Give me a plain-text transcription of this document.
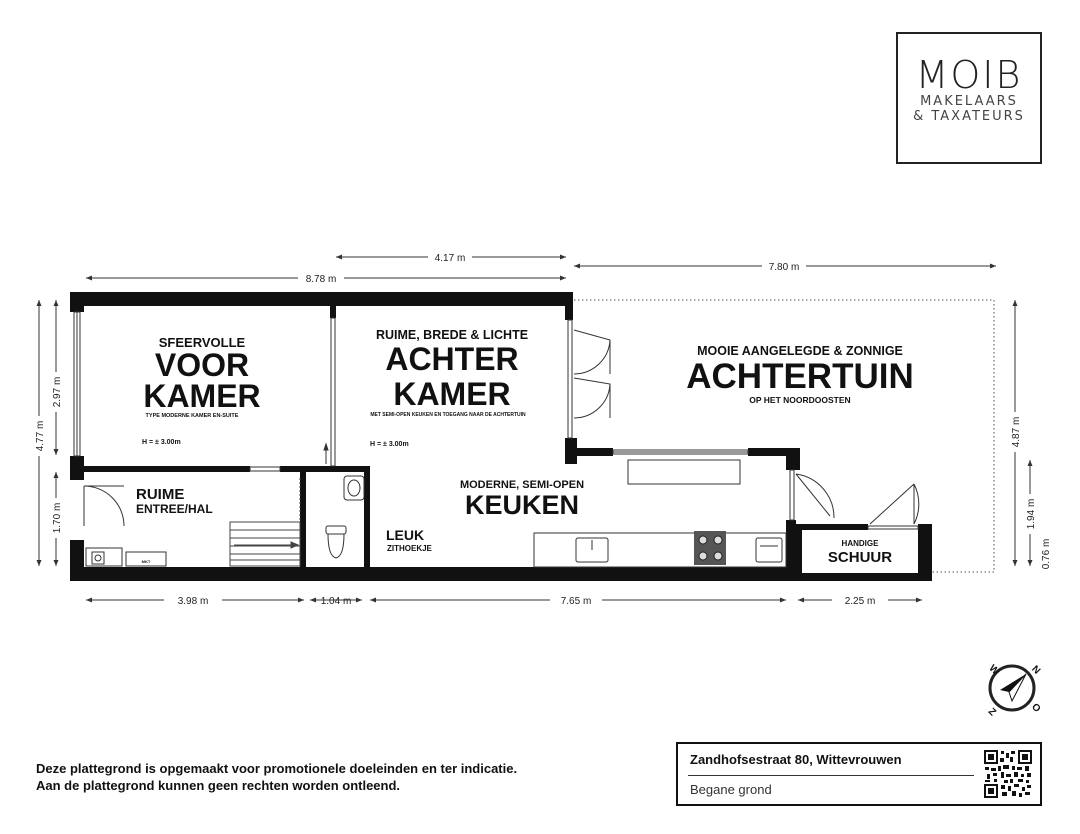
8.78 m
4.17 m
7.80 m
3.98 m	1.04 m	7.65 m	2.25 m
4.77 m
2.97 m
1.70 m
4.87 m
1.94 m
0.76 m
MKT
SFEERVOLLE
VOOR
KAMER
TYPE MODERNE KAMER EN-SUITE
H = ± 3.00m
RUIME, BREDE & LICHTE
ACHTER
KAMER
MET SEMI-OPEN KEUKEN EN TOEGANG NAAR DE ACHTERTUIN
H = ± 3.00m
MOOIE AANGELEGDE & ZONNIGE
ACHTERTUIN
OP HET NOORDOOSTEN
MODERNE, SEMI-OPEN
KEUKEN
RUIME
ENTREE/HAL
LEUK
ZITHOEKJE
HANDIGE
SCHUUR
N
O
Z
W
MOIB
MAKELAARS
& TAXATEURS
Deze plattegrond is opgemaakt voor promotionele doeleinden en ter indicatie.
Aan de plattegrond kunnen geen rechten worden ontleend.
Zandhofsestraat 80, Wittevrouwen
Begane grond
